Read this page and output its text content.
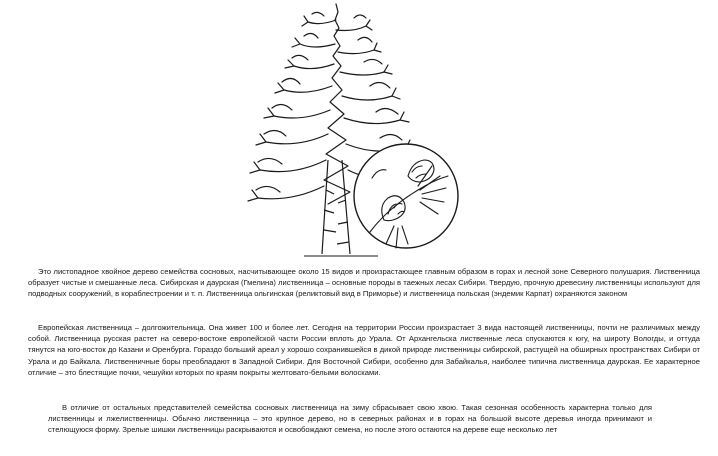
Это листопадное хвойное дерево семейства сосновых, насчитывающее около 15 видов и произрастающее главным образом в горах и лесной зоне Северного полушария. Лиственница образует чистые и смешанные леса. Сибирская и даурская (Гмелина) лиственница – основные породы в таежных лесах Сибири. Твердую, прочную древесину лиственницы используют для подводных сооружений, в кораблестроении и т. п. Лиственница ольгинская (реликтовый вид в Приморье) и лиственница польская (эндемик Карпат) охраняются законом

Европейская лиственница – долгожительница. Она живет 100 и более лет. Сегодня на территории России произрастает 3 вида настоящей лиственницы, почти не различимых между собой. Лиственница русская растет на северо-востоке европейской части России вплоть до Урала. От Архангельска лиственные леса спускаются к югу, на широту Вологды, и оттуда тянутся на юго-восток до Казани и Оренбурга. Гораздо больший ареал у хорошо сохранившейся в дикой природе лиственницы сибирской, растущей на обширных пространствах Сибири от Урала и до Байкала. Лиственничные боры преобладают в Западной Сибири. Для Восточной Сибири, особенно для Забайкалья, наиболее типична лиственница даурская. Ее характерное отличие – это блестящие почки, чешуйки которых по краям покрыты желтовато-белыми волосками.

В отличие от остальных представителей семейства сосновых лиственница на зиму сбрасывает свою хвою. Такая сезонная особенность характерна только для лиственницы и лжелиственницы. Обычно лиственница – это крупное дерево, но в северных районах и в горах на большой высоте деревья иногда принимают и стелющуюся форму. Зрелые шишки лиственницы раскрываются и освобождают семена, но после этого остаются на дереве еще несколько лет
